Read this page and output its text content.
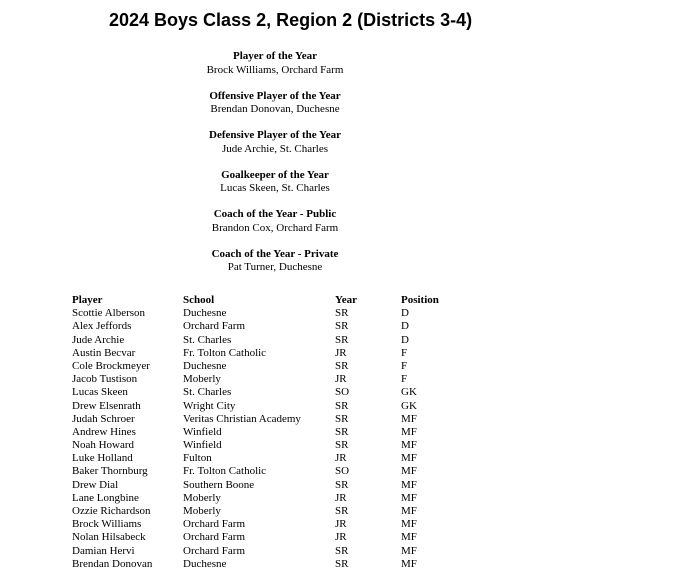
2024 Boys Class 2, Region 2 (Districts 3-4)
Player of the Year
Brock Williams, Orchard Farm
Offensive Player of the Year
Brendan Donovan, Duchesne
Defensive Player of the Year
Jude Archie, St. Charles
Goalkeeper of the Year
Lucas Skeen, St. Charles
Coach of the Year - Public
Brandon Cox, Orchard Farm
Coach of the Year - Private
Pat Turner, Duchesne
Player	School	Year	Position
Scottie Alberson	Duchesne	SR	D
Alex Jeffords	Orchard Farm	SR	D
Jude Archie	St. Charles	SR	D
Austin Becvar	Fr. Tolton Catholic	JR	F
Cole Brockmeyer	Duchesne	SR	F
Jacob Tustison	Moberly	JR	F
Lucas Skeen	St. Charles	SO	GK
Drew Elsenrath	Wright City	SR	GK
Judah Schroer	Veritas Christian Academy	SR	MF
Andrew Hines	Winfield	SR	MF
Noah Howard	Winfield	SR	MF
Luke Holland	Fulton	JR	MF
Baker Thornburg	Fr. Tolton Catholic	SO	MF
Drew Dial	Southern Boone	SR	MF
Lane Longbine	Moberly	JR	MF
Ozzie Richardson	Moberly	SR	MF
Brock Williams	Orchard Farm	JR	MF
Nolan Hilsabeck	Orchard Farm	JR	MF
Damian Hervi	Orchard Farm	SR	MF
Brendan Donovan	Duchesne	SR	MF
